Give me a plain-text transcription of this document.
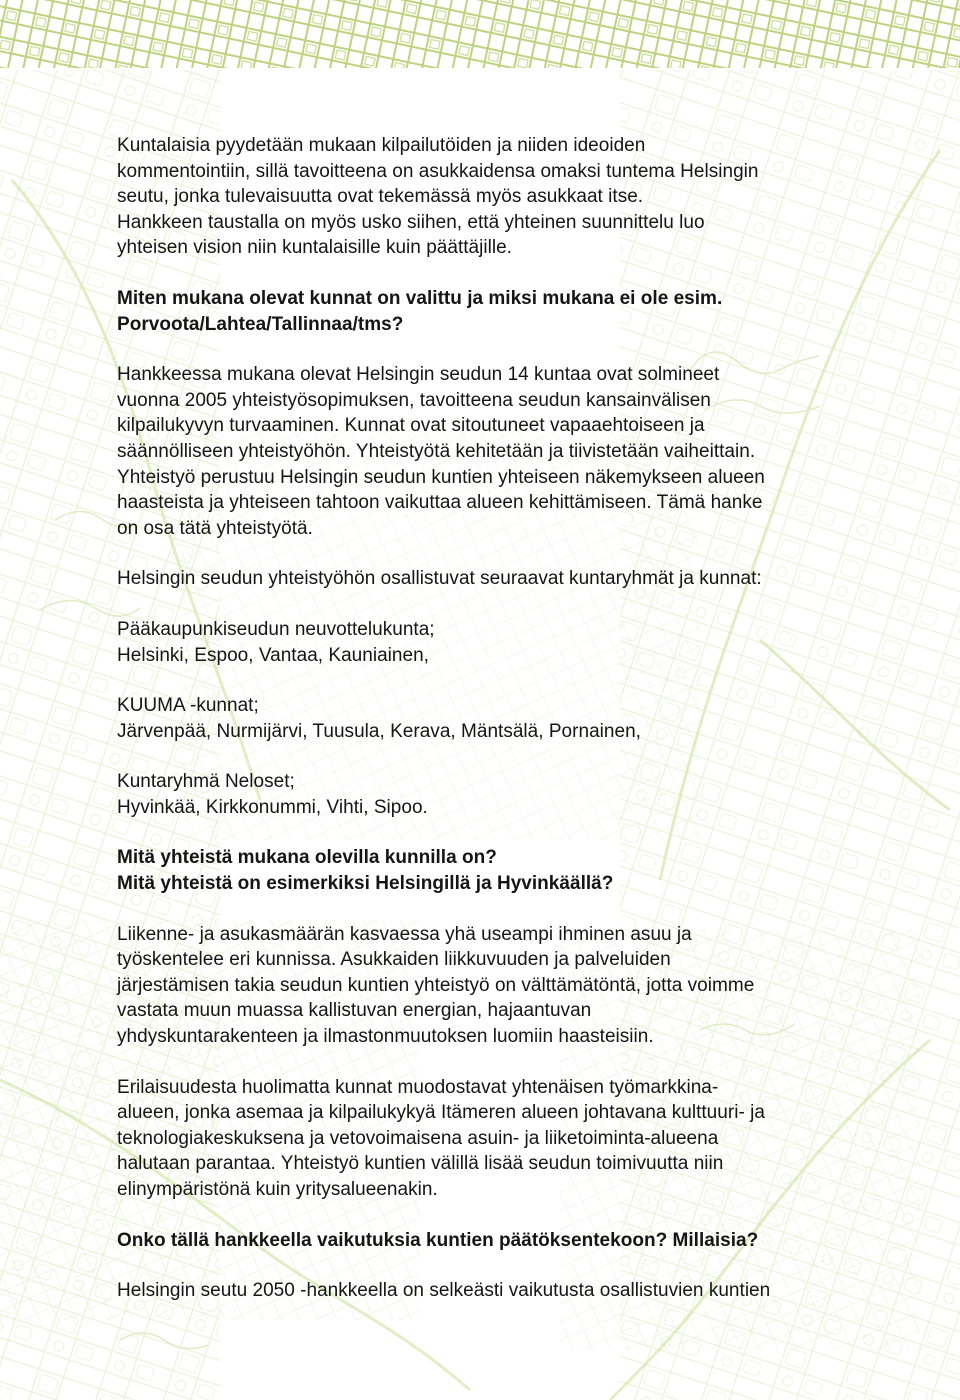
Kuntalaisia pyydetään mukaan kilpailutöiden ja niiden ideoiden
kommentointiin, sillä tavoitteena on asukkaidensa omaksi tuntema Helsingin
seutu, jonka tulevaisuutta ovat tekemässä myös asukkaat itse.
Hankkeen taustalla on myös usko siihen, että yhteinen suunnittelu luo
yhteisen vision niin kuntalaisille kuin päättäjille.

Miten mukana olevat kunnat on valittu ja miksi mukana ei ole esim.
Porvoota/Lahtea/Tallinnaa/tms?

Hankkeessa mukana olevat Helsingin seudun 14 kuntaa ovat solmineet
vuonna 2005 yhteistyösopimuksen, tavoitteena seudun kansainvälisen
kilpailukyvyn turvaaminen. Kunnat ovat sitoutuneet vapaaehtoiseen ja
säännölliseen yhteistyöhön. Yhteistyötä kehitetään ja tiivistetään vaiheittain.
Yhteistyö perustuu Helsingin seudun kuntien yhteiseen näkemykseen alueen
haasteista ja yhteiseen tahtoon vaikuttaa alueen kehittämiseen. Tämä hanke
on osa tätä yhteistyötä.

Helsingin seudun yhteistyöhön osallistuvat seuraavat kuntaryhmät ja kunnat:

Pääkaupunkiseudun neuvottelukunta;
Helsinki, Espoo, Vantaa, Kauniainen,

KUUMA -kunnat;
Järvenpää, Nurmijärvi, Tuusula, Kerava, Mäntsälä, Pornainen,

Kuntaryhmä Neloset;
Hyvinkää, Kirkkonummi, Vihti, Sipoo.

Mitä yhteistä mukana olevilla kunnilla on?
Mitä yhteistä on esimerkiksi Helsingillä ja Hyvinkäällä?

Liikenne- ja asukasmäärän kasvaessa yhä useampi ihminen asuu ja
työskentelee eri kunnissa. Asukkaiden liikkuvuuden ja palveluiden
järjestämisen takia seudun kuntien yhteistyö on välttämätöntä, jotta voimme
vastata muun muassa kallistuvan energian, hajaantuvan
yhdyskuntarakenteen ja ilmastonmuutoksen luomiin haasteisiin.

Erilaisuudesta huolimatta kunnat muodostavat yhtenäisen työmarkkina-
alueen, jonka asemaa ja kilpailukykyä Itämeren alueen johtavana kulttuuri- ja
teknologiakeskuksena ja vetovoimaisena asuin- ja liiketoiminta-alueena
halutaan parantaa. Yhteistyö kuntien välillä lisää seudun toimivuutta niin
elinympäristönä kuin yritysalueenakin.

Onko tällä hankkeella vaikutuksia kuntien päätöksentekoon? Millaisia?

Helsingin seutu 2050 -hankkeella on selkeästi vaikutusta osallistuvien kuntien
